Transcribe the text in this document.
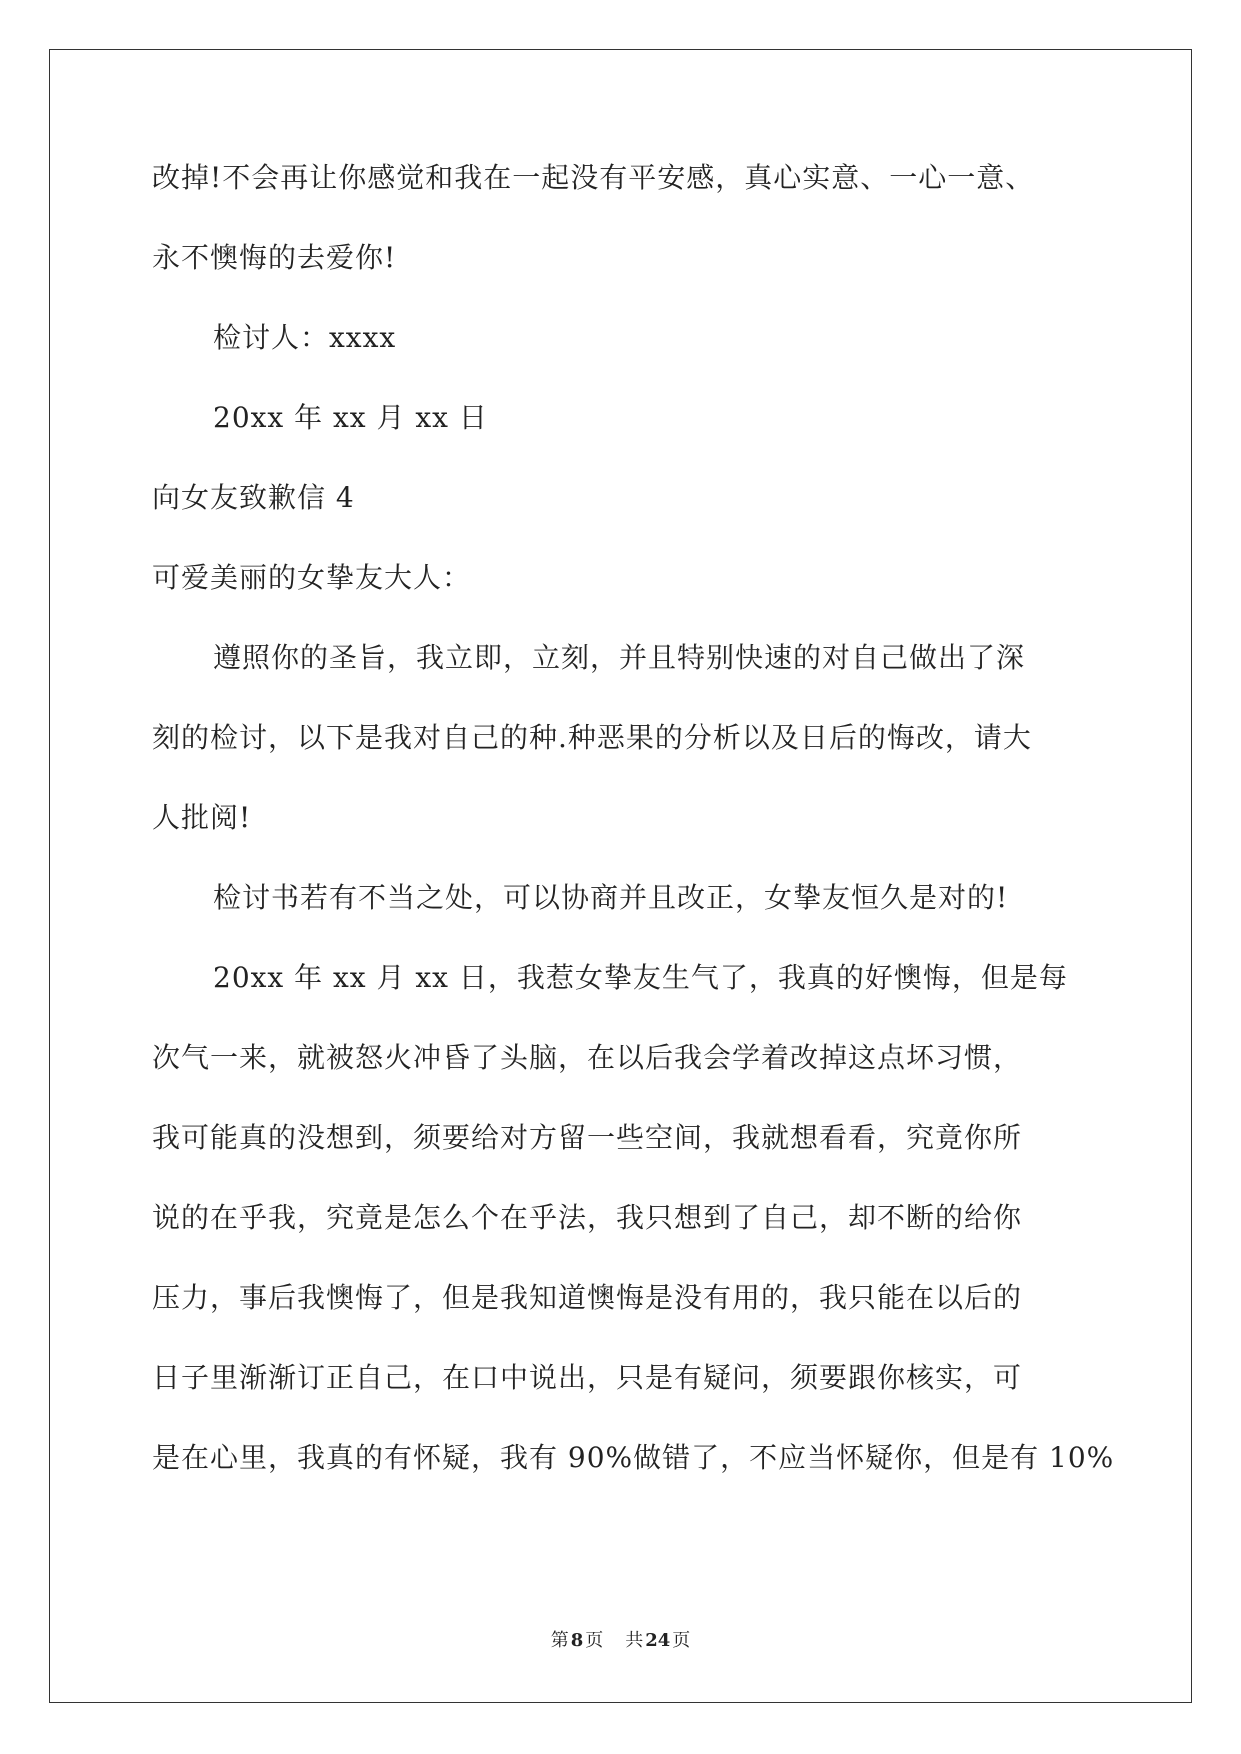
改掉!不会再让你感觉和我在一起没有平安感，真心实意、一心一意、
永不懊悔的去爱你!
检讨人：xxxx
20xx 年 xx 月 xx 日
向女友致歉信 4
可爱美丽的女挚友大人：
遵照你的圣旨，我立即，立刻，并且特别快速的对自己做出了深
刻的检讨，以下是我对自己的种.种恶果的分析以及日后的悔改，请大
人批阅!
检讨书若有不当之处，可以协商并且改正，女挚友恒久是对的!
20xx 年 xx 月 xx 日，我惹女挚友生气了，我真的好懊悔，但是每
次气一来，就被怒火冲昏了头脑，在以后我会学着改掉这点坏习惯，
我可能真的没想到，须要给对方留一些空间，我就想看看，究竟你所
说的在乎我，究竟是怎么个在乎法，我只想到了自己，却不断的给你
压力，事后我懊悔了，但是我知道懊悔是没有用的，我只能在以后的
日子里渐渐订正自己，在口中说出，只是有疑问，须要跟你核实，可
是在心里，我真的有怀疑，我有 90%做错了，不应当怀疑你，但是有 10%
第 8 页 共 24 页
